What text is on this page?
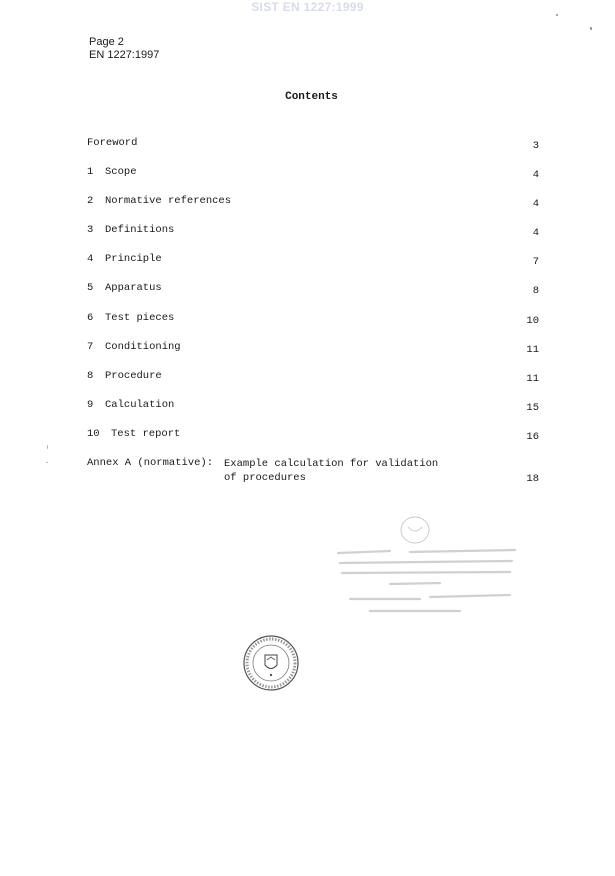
SIST EN 1227:1999
Page 2
EN 1227:1997
Contents
Foreword	3
1	Scope	4
2	Normative references	4
3	Definitions	4
4	Principle	7
5	Apparatus	8
6	Test pieces	10
7	Conditioning	11
8	Procedure	11
9	Calculation	15
10	Test report	16
Annex A (normative): Example calculation for validation
of procedures	18
